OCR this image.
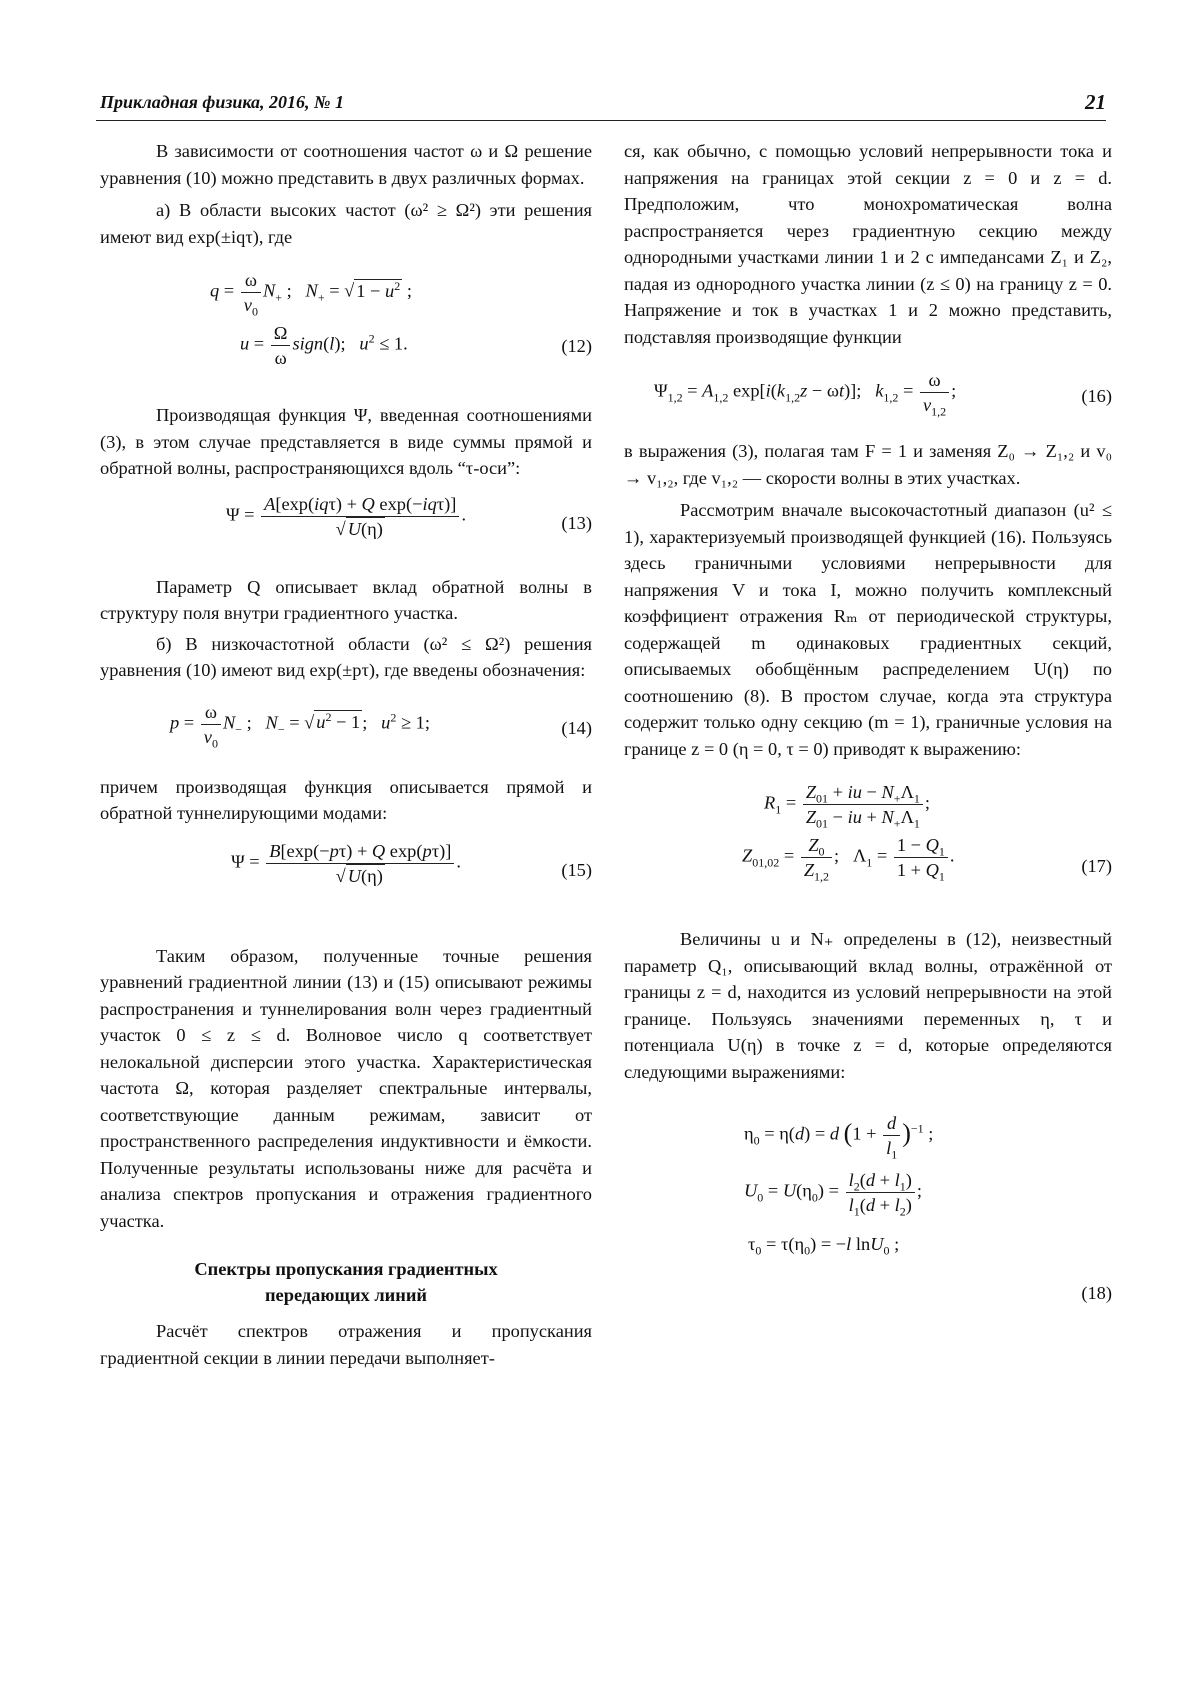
Прикладная физика, 2016, № 1	21

В зависимости от соотношения частот ω и Ω решение уравнения (10) можно представить в двух различных формах.

а) В области высоких частот (ω² ≥ Ω²) эти решения имеют вид exp(±iqτ), где

$q = \frac{\omega}{v_0} N_+$ ;   $N_+$ = √ $1 - u^2$ ;
$u = \frac{\Omega}{\omega}$ sign(l);   $u^2 \le 1$.	(12)

Производящая функция Ψ, введенная соотношениями (3), в этом случае представляется в виде суммы прямой и обратной волны, распространяющихся вдоль “τ-оси”:

$\Psi = \frac{\text{A[exp(iqτ) + Q exp(−iqτ)]}}{√ U(\eta)}$ .	(13)

Параметр Q описывает вклад обратной волны в структуру поля внутри градиентного участка.

б) В низкочастотной области (ω² ≤ Ω²) решения уравнения (10) имеют вид exp(±pτ), где введены обозначения:

$p = \frac{\omega}{v_0} N_-$ ;   $N_-$ = √ $u^2 - 1$ ;   $u^2 \ge 1$;	(14)

причем производящая функция описывается прямой и обратной туннелирующими модами:

$\Psi = \frac{\text{B[exp(−pτ) + Q exp(pτ)]}}{√ U(\eta)}$ .	(15)

Таким образом, полученные точные решения уравнений градиентной линии (13) и (15) описывают режимы распространения и туннелирования волн через градиентный участок 0 ≤ z ≤ d. Волновое число q соответствует нелокальной дисперсии этого участка. Характеристическая частота Ω, которая разделяет спектральные интервалы, соответствующие данным режимам, зависит от пространственного распределения индуктивности и ёмкости. Полученные результаты использованы ниже для расчёта и анализа спектров пропускания и отражения градиентного участка.

Спектры пропускания градиентных
передающих линий

Расчёт спектров отражения и пропускания градиентной секции в линии передачи выполняет-

ся, как обычно, с помощью условий непрерывности тока и напряжения на границах этой секции z = 0 и z = d. Предположим, что монохроматическая волна распространяется через градиентную секцию между однородными участками линии 1 и 2 с импедансами Z₁ и Z₂, падая из однородного участка линии (z ≤ 0) на границу z = 0. Напряжение и ток в участках 1 и 2 можно представить, подставляя производящие функции

$\Psi_{1,2} = A_{1,2}$ $\exp[i(k_{1,2}z - \omega t)]$;   $k_{1,2} = \frac{\omega}{v_{1,2}}$ ;	(16)

в выражения (3), полагая там F = 1 и заменяя Z₀ → Z₁,₂ и v₀ → v₁,₂, где v₁,₂ — скорости волны в этих участках.

Рассмотрим вначале высокочастотный диапазон (u² ≤ 1), характеризуемый производящей функцией (16). Пользуясь здесь граничными условиями непрерывности для напряжения V и тока I, можно получить комплексный коэффициент отражения Rₘ от периодической структуры, содержащей m одинаковых градиентных секций, описываемых обобщённым распределением U(η) по соотношению (8). В простом случае, когда эта структура содержит только одну секцию (m = 1), граничные условия на границе z = 0 (η = 0, τ = 0) приводят к выражению:

$R_1 = \frac{Z_{01} + iu - N_+\Lambda_1}{Z_{01} - iu + N_+\Lambda_1}$ ;
$Z_{01,02} = \frac{Z_0}{Z_{1,2}}$ ;   $\Lambda_1 = \frac{1 - Q_1}{1 + Q_1}$ .
(17)

Величины u и N₊ определены в (12), неизвестный параметр Q₁, описывающий вклад волны, отражённой от границы z = d, находится из условий непрерывности на этой границе. Пользуясь значениями переменных η, τ и потенциала U(η) в точке z = d, которые определяются следующими выражениями:

$\eta_0 = \eta(d) = d$ $(1 + \frac{d}{l_1} )^{-1}$ ;
$U_0 = U(\eta_0) = \frac{l_2(d + l_1)}{l_1(d + l_2)}$ ;
$\tau_0 = \tau(\eta_0) = -l$ lnU$_0$ ;
(18)
